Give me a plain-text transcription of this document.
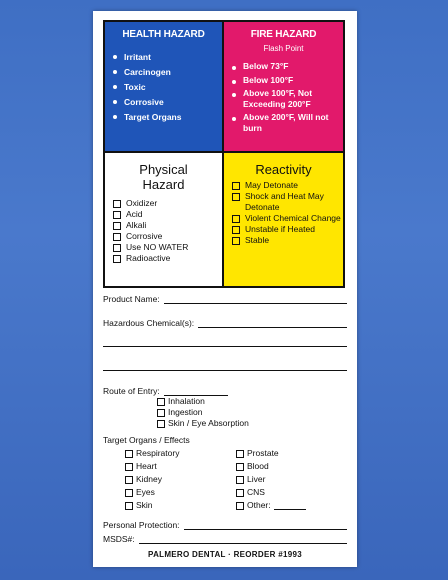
HEALTH HAZARD
Irritant
Carcinogen
Toxic
Corrosive
Target Organs
FIRE HAZARD
Flash Point
Below 73°F
Below 100°F
Above 100°F, Not Exceeding 200°F
Above 200°F, Will not burn
Physical Hazard
Oxidizer
Acid
Alkali
Corrosive
Use NO WATER
Radioactive
Reactivity
May Detonate
Shock and Heat May Detonate
Violent Chemical Change
Unstable if Heated
Stable
Product Name:
Hazardous Chemical(s):
Route of Entry:
Inhalation
Ingestion
Skin / Eye Absorption
Target Organs / Effects
Respiratory
Heart
Kidney
Eyes
Skin
Prostate
Blood
Liver
CNS
Other:
Personal Protection:
MSDS#:
PALMERO DENTAL · REORDER #1993
